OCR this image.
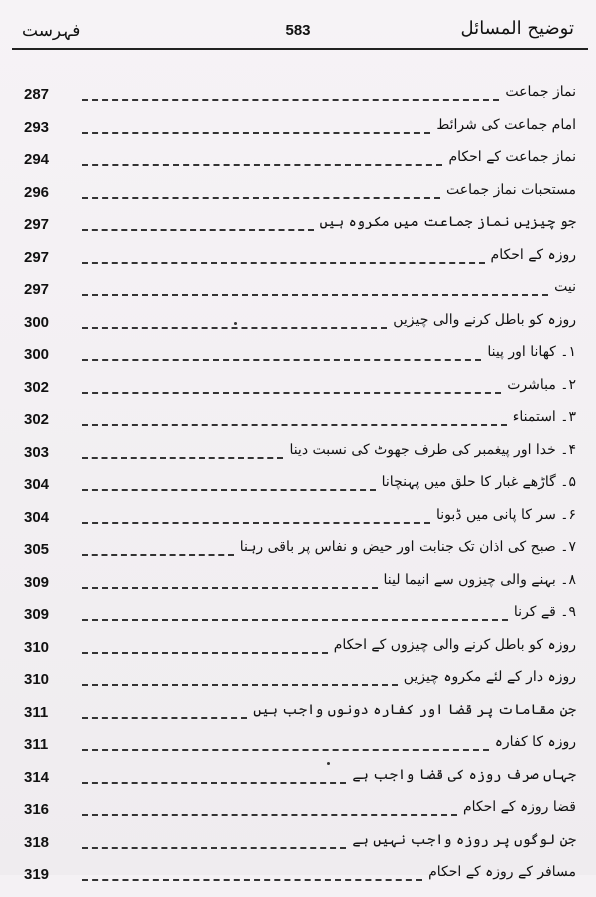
فہرست	583	توضیح المسائل
287	نماز جماعت
293	امام جماعت کی شرائط
294	نماز جماعت کے احکام
296	مستحبات نماز جماعت
297	جو چیزیں نماز جماعت میں مکروہ ہیں
297	روزہ کے احکام
297	نیت
300	روزہ کو باطل کرنے والی چیزیں
300	۱۔ کھانا اور پینا
302	۲۔ مباشرت
302	۳۔ استمناء
303	۴۔ خدا اور پیغمبر کی طرف جھوٹ کی نسبت دینا
304	۵۔ گاڑھے غبار کا حلق میں پہنچانا
304	۶۔ سر کا پانی میں ڈبونا
305	۷۔ صبح کی اذان تک جنابت اور حیض و نفاس پر باقی رہنا
309	۸۔ بہنے والی چیزوں سے انیما لینا
309	۹۔ قے کرنا
310	روزہ کو باطل کرنے والی چیزوں کے احکام
310	روزہ دار کے لئے مکروہ چیزیں
311	جن مقامات پر قضا اور کفارہ دونوں واجب ہیں
311	روزہ کا کفارہ
314	جہاں صرف روزہ کی قضا واجب ہے
316	قضا روزہ کے احکام
318	جن لوگوں پر روزہ واجب نہیں ہے
319	مسافر کے روزہ کے احکام
